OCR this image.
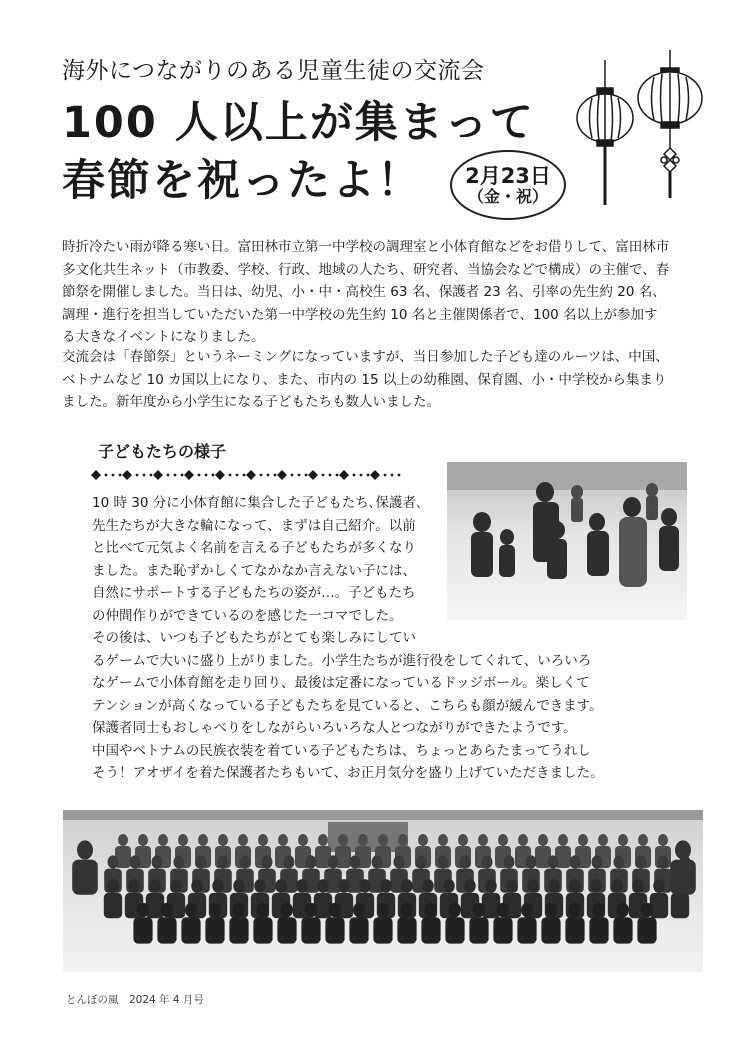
海外につながりのある児童生徒の交流会
100 人以上が集まって
春節を祝ったよ！ 2月23日
（金・祝）
時折冷たい雨が降る寒い日。富田林市立第一中学校の調理室と小体育館などをお借りして、富田林市
多文化共生ネット（市教委、学校、行政、地域の人たち、研究者、当協会などで構成）の主催で、春
節祭を開催しました。当日は、幼児、小・中・高校生 63 名、保護者 23 名、引率の先生約 20 名、
調理・進行を担当していただいた第一中学校の先生約 10 名と主催関係者で、100 名以上が参加す
る大きなイベントになりました。
交流会は「春節祭」というネーミングになっていますが、当日参加した子ども達のルーツは、中国、
ベトナムなど 10 カ国以上になり、また、市内の 15 以上の幼稚園、保育園、小・中学校から集まり
ました。新年度から小学生になる子どもたちも数人いました。
子どもたちの様子
10 時 30 分に小体育館に集合した子どもたち､保護者､
先生たちが大きな輪になって、まずは自己紹介。以前
と比べて元気よく名前を言える子どもたちが多くなり
ました。また恥ずかしくてなかなか言えない子には、
自然にサポートする子どもたちの姿が…。子どもたち
の仲間作りができているのを感じた一コマでした。
その後は、いつも子どもたちがとても楽しみにしてい
るゲームで大いに盛り上がりました。小学生たちが進行役をしてくれて、いろいろ
なゲームで小体育館を走り回り、最後は定番になっているドッジボール。楽しくて
テンションが高くなっている子どもたちを見ていると、こちらも顔が緩んできます。
保護者同士もおしゃべりをしながらいろいろな人とつながりができたようです。
中国やベトナムの民族衣装を着ている子どもたちは、ちょっとあらたまってうれし
そう！アオザイを着た保護者たちもいて、お正月気分を盛り上げていただきました。
とんぼの風　2024 年 4 月号
